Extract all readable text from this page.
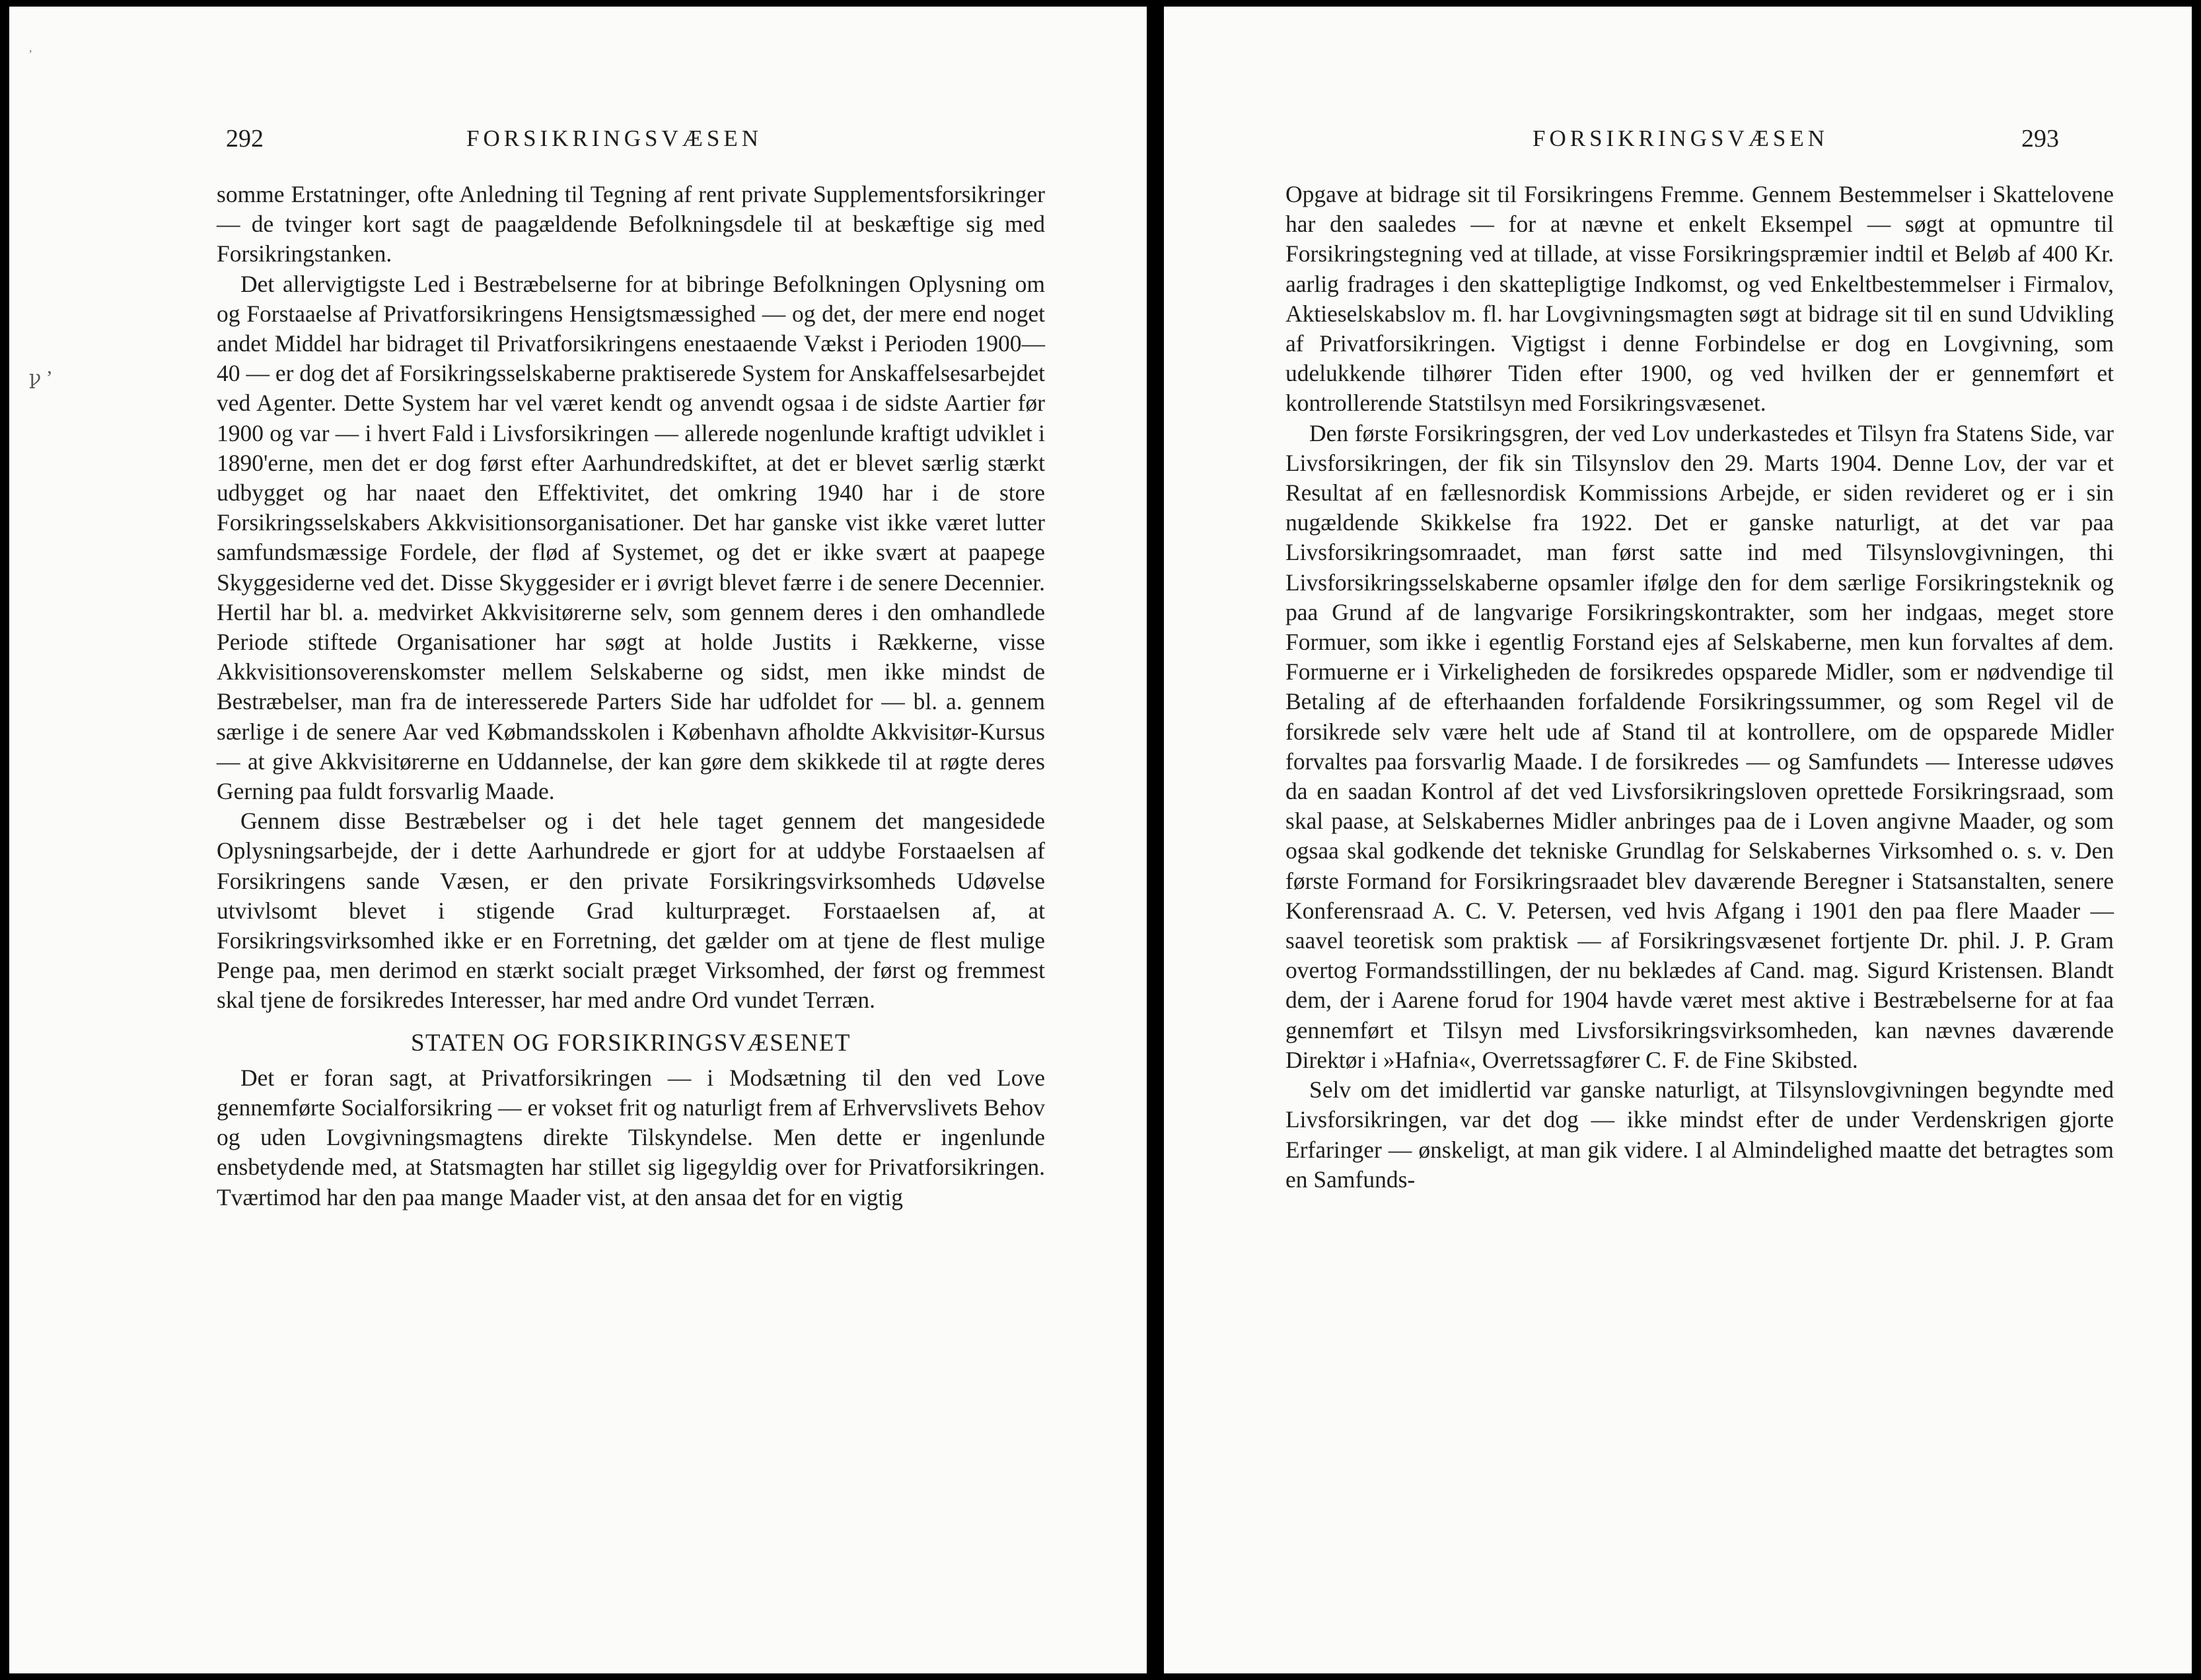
,
ꝩ ʼ
292	FORSIKRINGSVÆSEN

somme Erstatninger, ofte Anledning til Tegning af rent private Supplementsforsikringer — de tvinger kort sagt de paagældende Befolkningsdele til at beskæftige sig med Forsikringstanken.

Det allervigtigste Led i Bestræbelserne for at bibringe Befolkningen Oplysning om og Forstaaelse af Privatforsikringens Hensigtsmæssighed — og det, der mere end noget andet Middel har bidraget til Privatforsikringens enestaaende Vækst i Perioden 1900—40 — er dog det af Forsikringsselskaberne praktiserede System for Anskaffelsesarbejdet ved Agenter. Dette System har vel været kendt og anvendt ogsaa i de sidste Aartier før 1900 og var — i hvert Fald i Livsforsikringen — allerede nogenlunde kraftigt udviklet i 1890'erne, men det er dog først efter Aarhundredskiftet, at det er blevet særlig stærkt udbygget og har naaet den Effektivitet, det omkring 1940 har i de store Forsikringsselskabers Akkvisitionsorganisationer. Det har ganske vist ikke været lutter samfundsmæssige Fordele, der flød af Systemet, og det er ikke svært at paapege Skyggesiderne ved det. Disse Skyggesider er i øvrigt blevet færre i de senere Decennier. Hertil har bl. a. medvirket Akkvisitørerne selv, som gennem deres i den omhandlede Periode stiftede Organisationer har søgt at holde Justits i Rækkerne, visse Akkvisitionsoverenskomster mellem Selskaberne og sidst, men ikke mindst de Bestræbelser, man fra de interesserede Parters Side har udfoldet for — bl. a. gennem særlige i de senere Aar ved Købmandsskolen i København afholdte Akkvisitør-Kursus — at give Akkvisitørerne en Uddannelse, der kan gøre dem skikkede til at røgte deres Gerning paa fuldt forsvarlig Maade.

Gennem disse Bestræbelser og i det hele taget gennem det mangesidede Oplysningsarbejde, der i dette Aarhundrede er gjort for at uddybe Forstaaelsen af Forsikringens sande Væsen, er den private Forsikringsvirksomheds Udøvelse utvivlsomt blevet i stigende Grad kulturpræget. Forstaaelsen af, at Forsikringsvirksomhed ikke er en Forretning, det gælder om at tjene de flest mulige Penge paa, men derimod en stærkt socialt præget Virksomhed, der først og fremmest skal tjene de forsikredes Interesser, har med andre Ord vundet Terræn.

STATEN OG FORSIKRINGSVÆSENET

Det er foran sagt, at Privatforsikringen — i Modsætning til den ved Love gennemførte Socialforsikring — er vokset frit og naturligt frem af Erhvervslivets Behov og uden Lovgivningsmagtens direkte Tilskyndelse. Men dette er ingenlunde ensbetydende med, at Statsmagten har stillet sig ligegyldig over for Privatforsikringen. Tværtimod har den paa mange Maader vist, at den ansaa det for en vigtig

FORSIKRINGSVÆSEN	293

Opgave at bidrage sit til Forsikringens Fremme. Gennem Bestemmelser i Skattelovene har den saaledes — for at nævne et enkelt Eksempel — søgt at opmuntre til Forsikringstegning ved at tillade, at visse Forsikringspræmier indtil et Beløb af 400 Kr. aarlig fradrages i den skattepligtige Indkomst, og ved Enkeltbestemmelser i Firmalov, Aktieselskabslov m. fl. har Lovgivningsmagten søgt at bidrage sit til en sund Udvikling af Privatforsikringen. Vigtigst i denne Forbindelse er dog en Lovgivning, som udelukkende tilhører Tiden efter 1900, og ved hvilken der er gennemført et kontrollerende Statstilsyn med Forsikringsvæsenet.

Den første Forsikringsgren, der ved Lov underkastedes et Tilsyn fra Statens Side, var Livsforsikringen, der fik sin Tilsynslov den 29. Marts 1904. Denne Lov, der var et Resultat af en fællesnordisk Kommissions Arbejde, er siden revideret og er i sin nugældende Skikkelse fra 1922. Det er ganske naturligt, at det var paa Livsforsikringsomraadet, man først satte ind med Tilsynslovgivningen, thi Livsforsikringsselskaberne opsamler ifølge den for dem særlige Forsikringsteknik og paa Grund af de langvarige Forsikringskontrakter, som her indgaas, meget store Formuer, som ikke i egentlig Forstand ejes af Selskaberne, men kun forvaltes af dem. Formuerne er i Virkeligheden de forsikredes opsparede Midler, som er nødvendige til Betaling af de efterhaanden forfaldende Forsikringssummer, og som Regel vil de forsikrede selv være helt ude af Stand til at kontrollere, om de opsparede Midler forvaltes paa forsvarlig Maade. I de forsikredes — og Samfundets — Interesse udøves da en saadan Kontrol af det ved Livsforsikringsloven oprettede Forsikringsraad, som skal paase, at Selskabernes Midler anbringes paa de i Loven angivne Maader, og som ogsaa skal godkende det tekniske Grundlag for Selskabernes Virksomhed o. s. v. Den første Formand for Forsikringsraadet blev daværende Beregner i Statsanstalten, senere Konferensraad A. C. V. Petersen, ved hvis Afgang i 1901 den paa flere Maader — saavel teoretisk som praktisk — af Forsikringsvæsenet fortjente Dr. phil. J. P. Gram overtog Formandsstillingen, der nu beklædes af Cand. mag. Sigurd Kristensen. Blandt dem, der i Aarene forud for 1904 havde været mest aktive i Bestræbelserne for at faa gennemført et Tilsyn med Livsforsikringsvirksomheden, kan nævnes daværende Direktør i »Hafnia«, Overretssagfører C. F. de Fine Skibsted.

Selv om det imidlertid var ganske naturligt, at Tilsynslovgivningen begyndte med Livsforsikringen, var det dog — ikke mindst efter de under Verdenskrigen gjorte Erfaringer — ønskeligt, at man gik videre. I al Almindelighed maatte det betragtes som en Samfunds-
